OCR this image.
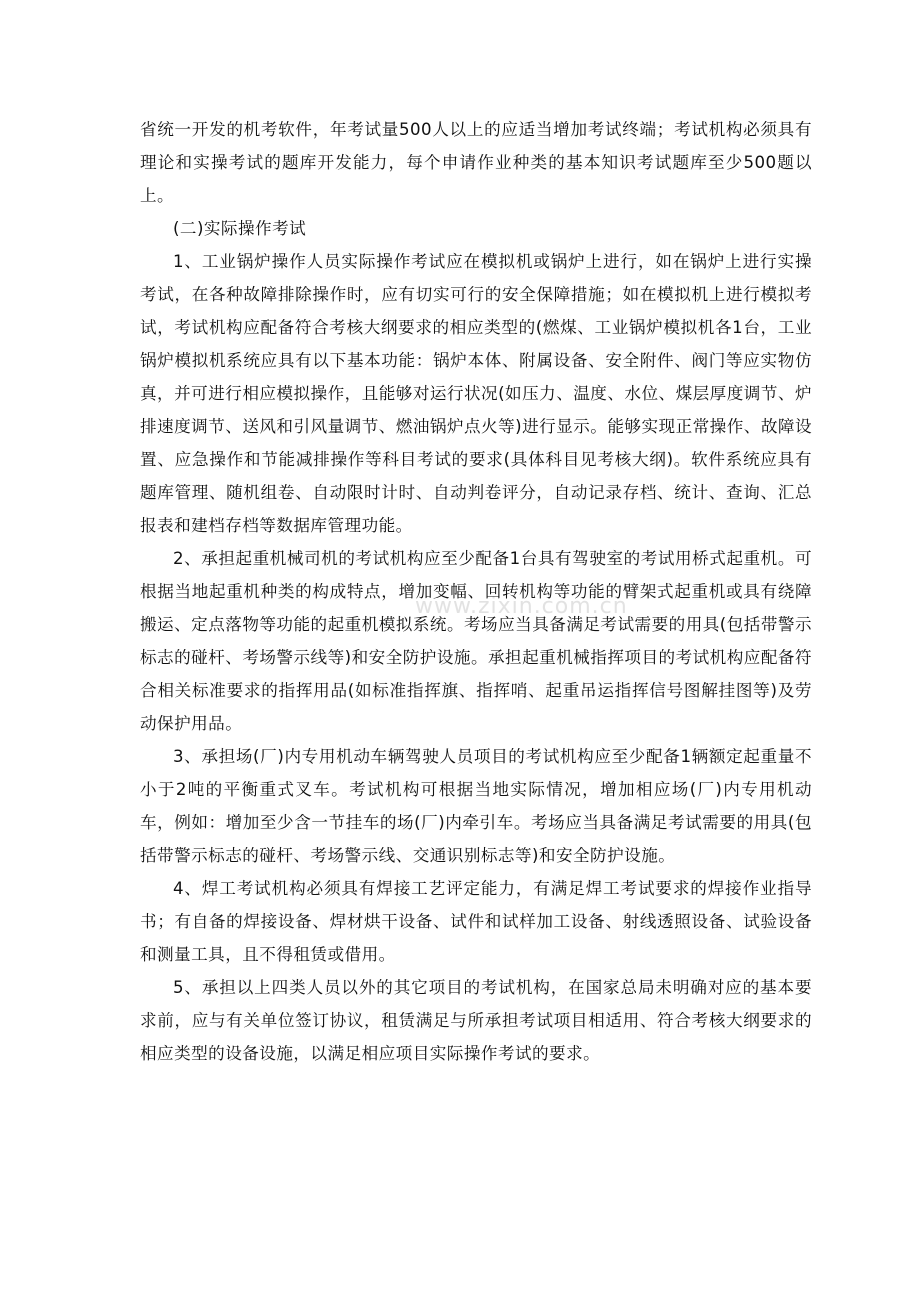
www.zixin.com.cn

省统一开发的机考软件，年考试量500人以上的应适当增加考试终端；考试机构必须具有理论和实操考试的题库开发能力，每个申请作业种类的基本知识考试题库至少500题以上。

(二)实际操作考试

1、工业锅炉操作人员实际操作考试应在模拟机或锅炉上进行，如在锅炉上进行实操考试，在各种故障排除操作时，应有切实可行的安全保障措施；如在模拟机上进行模拟考试，考试机构应配备符合考核大纲要求的相应类型的(燃煤、工业锅炉模拟机各1台，工业锅炉模拟机系统应具有以下基本功能：锅炉本体、附属设备、安全附件、阀门等应实物仿真，并可进行相应模拟操作，且能够对运行状况(如压力、温度、水位、煤层厚度调节、炉排速度调节、送风和引风量调节、燃油锅炉点火等)进行显示。能够实现正常操作、故障设置、应急操作和节能减排操作等科目考试的要求(具体科目见考核大纲)。软件系统应具有题库管理、随机组卷、自动限时计时、自动判卷评分，自动记录存档、统计、查询、汇总报表和建档存档等数据库管理功能。

2、承担起重机械司机的考试机构应至少配备1台具有驾驶室的考试用桥式起重机。可根据当地起重机种类的构成特点，增加变幅、回转机构等功能的臂架式起重机或具有绕障搬运、定点落物等功能的起重机模拟系统。考场应当具备满足考试需要的用具(包括带警示标志的碰杆、考场警示线等)和安全防护设施。承担起重机械指挥项目的考试机构应配备符合相关标准要求的指挥用品(如标准指挥旗、指挥哨、起重吊运指挥信号图解挂图等)及劳动保护用品。

3、承担场(厂)内专用机动车辆驾驶人员项目的考试机构应至少配备1辆额定起重量不小于2吨的平衡重式叉车。考试机构可根据当地实际情况，增加相应场(厂)内专用机动车，例如：增加至少含一节挂车的场(厂)内牵引车。考场应当具备满足考试需要的用具(包括带警示标志的碰杆、考场警示线、交通识别标志等)和安全防护设施。

4、焊工考试机构必须具有焊接工艺评定能力，有满足焊工考试要求的焊接作业指导书；有自备的焊接设备、焊材烘干设备、试件和试样加工设备、射线透照设备、试验设备和测量工具，且不得租赁或借用。

5、承担以上四类人员以外的其它项目的考试机构，在国家总局未明确对应的基本要求前，应与有关单位签订协议，租赁满足与所承担考试项目相适用、符合考核大纲要求的相应类型的设备设施，以满足相应项目实际操作考试的要求。
